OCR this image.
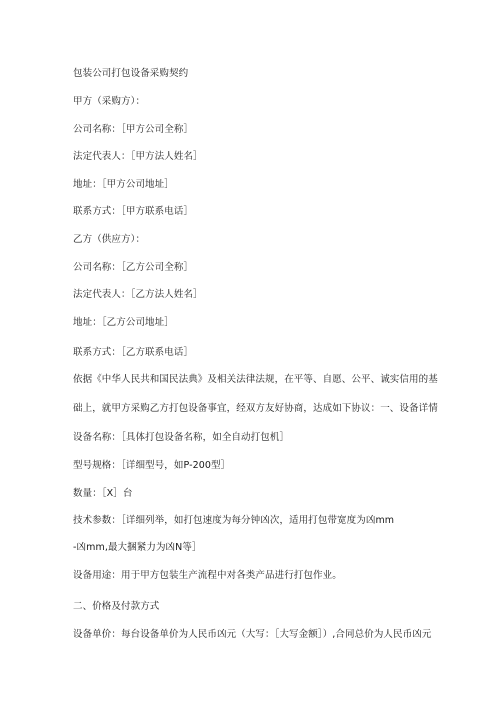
包装公司打包设备采购契约
甲方（采购方）：
公司名称：［甲方公司全称］
法定代表人：［甲方法人姓名］
地址：［甲方公司地址］
联系方式：［甲方联系电话］
乙方（供应方）：
公司名称：［乙方公司全称］
法定代表人：［乙方法人姓名］
地址：［乙方公司地址］
联系方式：［乙方联系电话］
依据《中华人民共和国民法典》及相关法律法规，在平等、自愿、公平、诚实信用的基
础上，就甲方采购乙方打包设备事宜，经双方友好协商，达成如下协议：一、设备详情
设备名称：［具体打包设备名称，如全自动打包机］
型号规格：［详细型号，如P-200型］
数量：［X］台
技术参数：［详细列举，如打包速度为每分钟凶次，适用打包带宽度为凶mm
-凶mm,最大捆紧力为凶N等］
设备用途：用于甲方包装生产流程中对各类产品进行打包作业。
二、价格及付款方式
设备单价：每台设备单价为人民币凶元（大写：［大写金额］）,合同总价为人民币凶元
